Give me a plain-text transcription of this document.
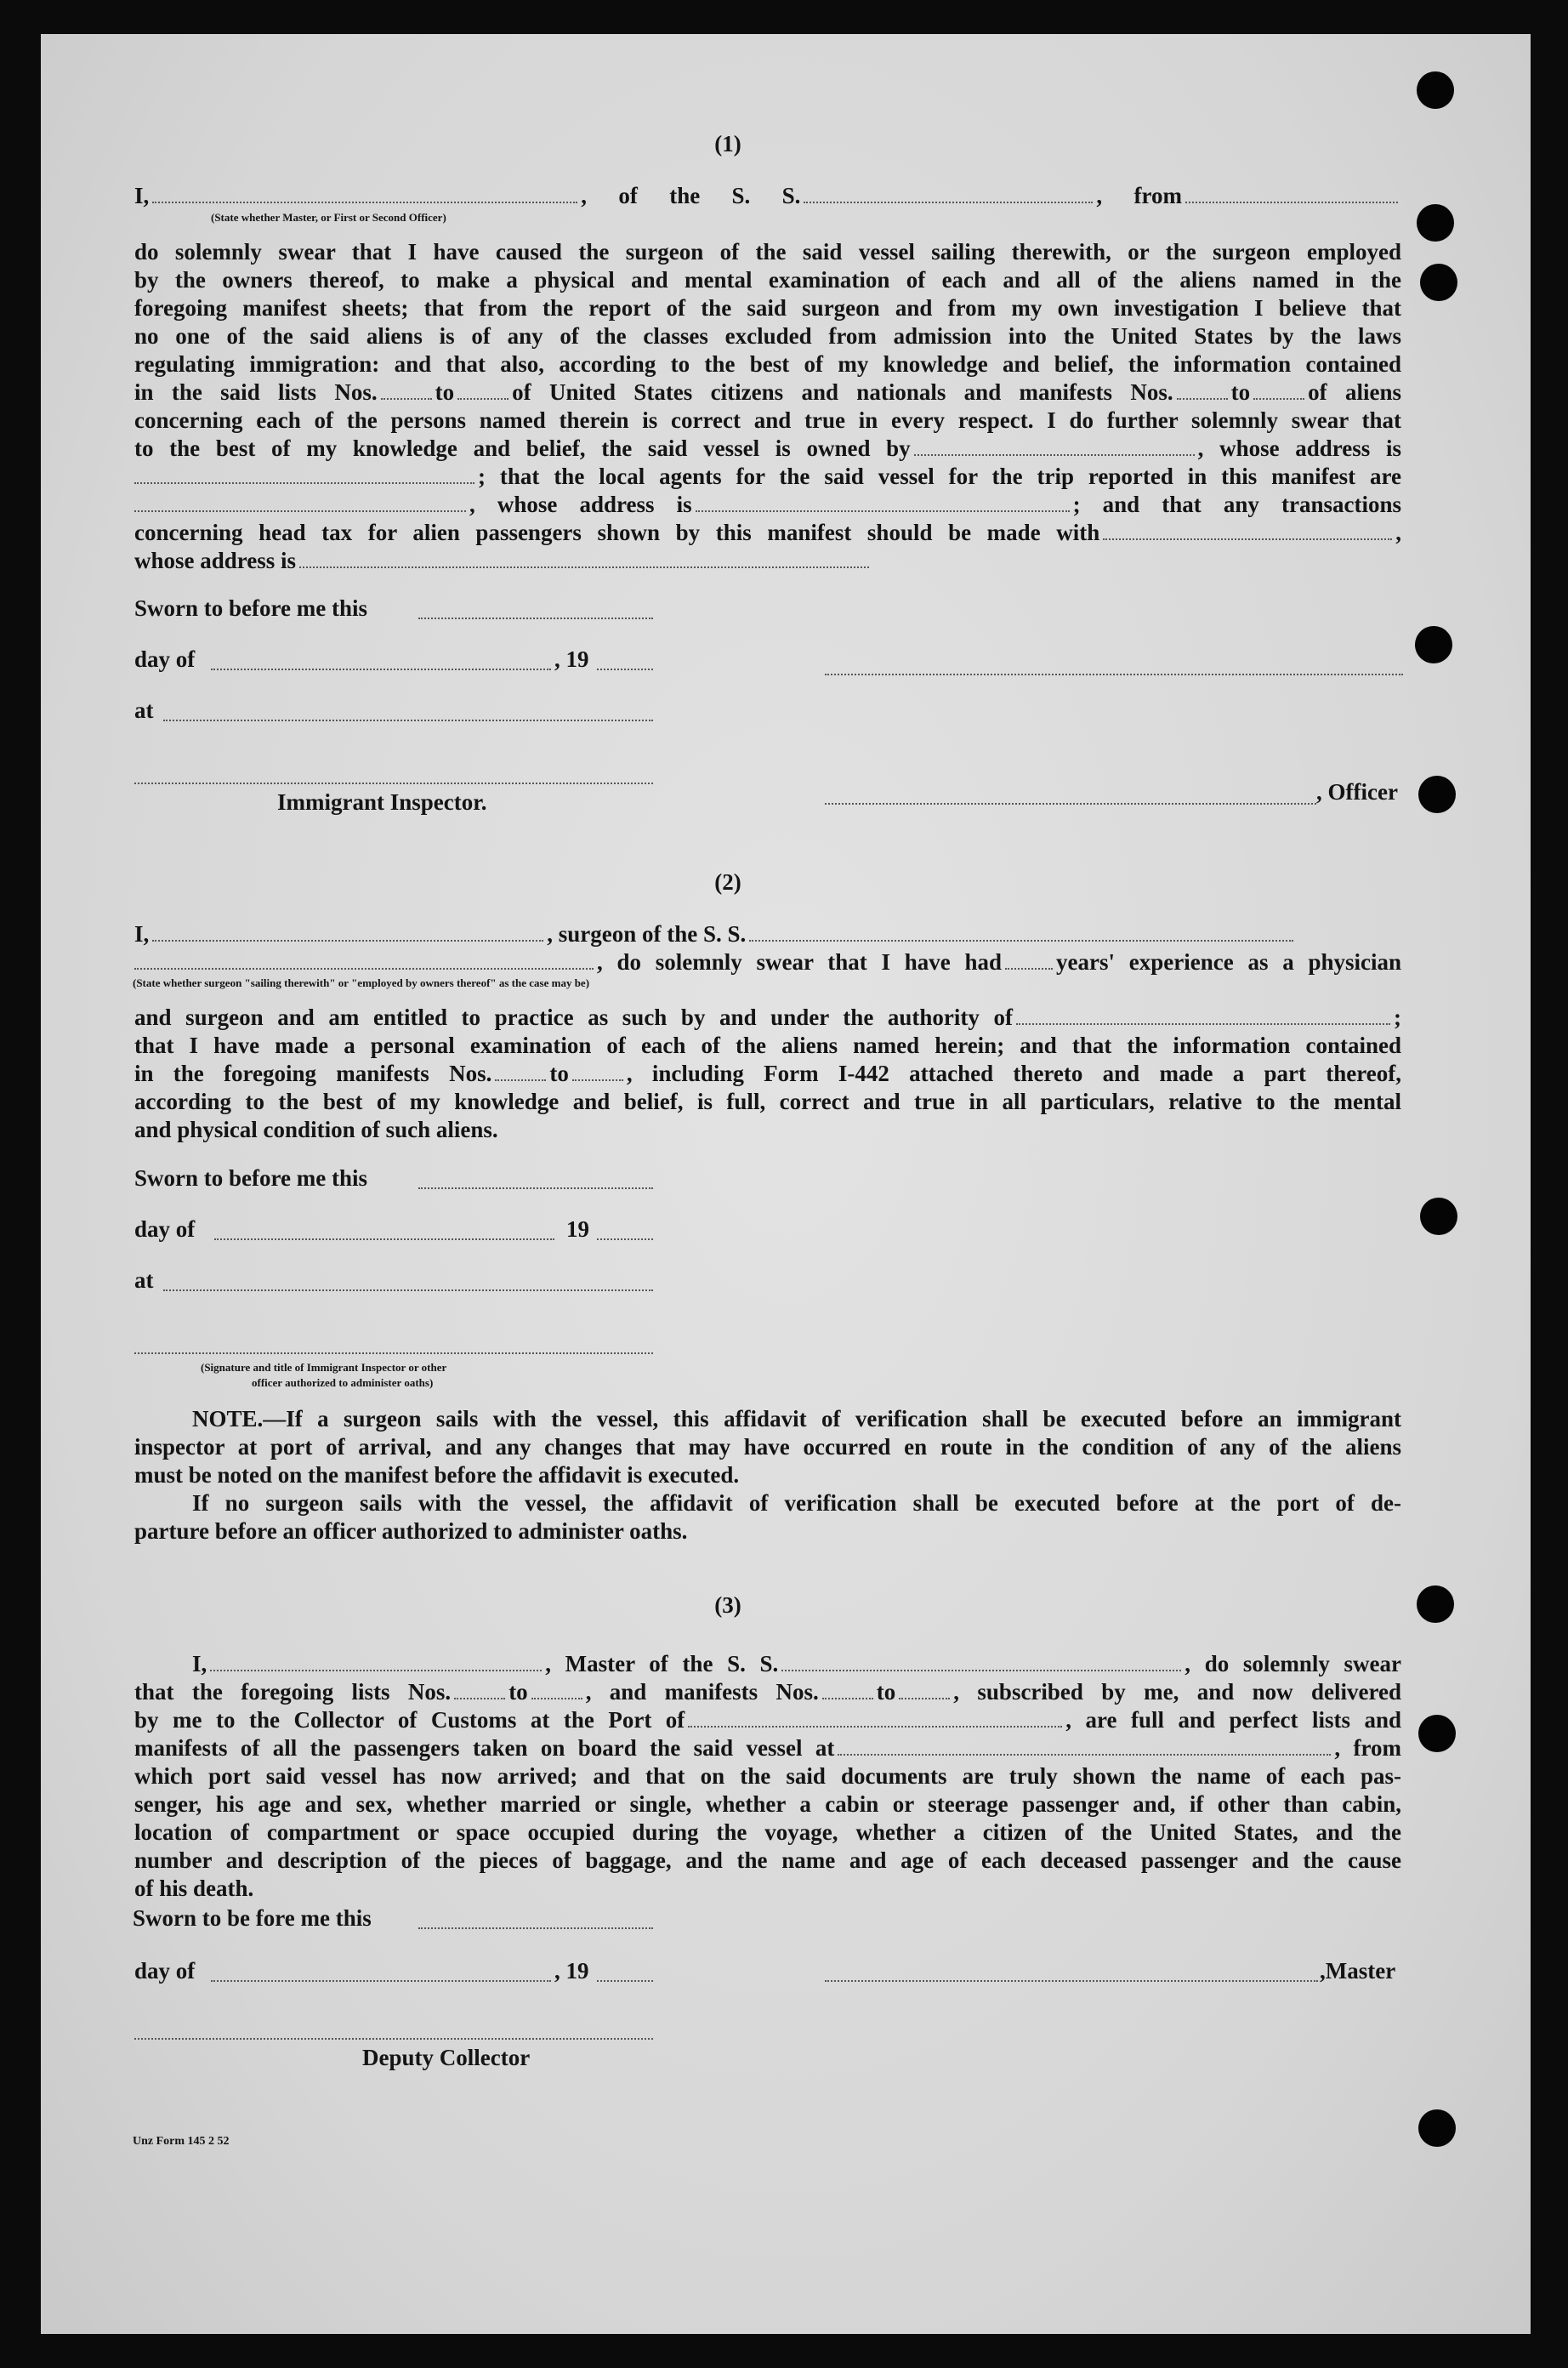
(1)
I,	, of the S. S.	, from
(State whether Master, or First or Second Officer)
do solemnly swear that I have caused the surgeon of the said vessel sailing therewith, or the surgeon employed
by the owners thereof, to make a physical and mental examination of each and all of the aliens named in the
foregoing manifest sheets; that from the report of the said surgeon and from my own investigation I believe that
no one of the said aliens is of any of the classes excluded from admission into the United States by the laws
regulating immigration: and that also, according to the best of my knowledge and belief, the information contained
in the said lists Nos.	to	of United States citizens and nationals and manifests Nos.	to	of aliens
concerning each of the persons named therein is correct and true in every respect. I do further solemnly swear that
to the best of my knowledge and belief, the said vessel is owned by	, whose address is
; that the local agents for the said vessel for the trip reported in this manifest are
, whose address is	; and that any transactions
concerning head tax for alien passengers shown by this manifest should be made with	,
whose address is
Sworn to before me this
day of	, 19
at
, Officer
Immigrant Inspector.
(2)
I,	, surgeon of the S. S.
, do solemnly swear that I have had years' experience as a physician
(State whether surgeon "sailing therewith" or "employed by owners thereof" as the case may be)
and surgeon and am entitled to practice as such by and under the authority of	;
that I have made a personal examination of each of the aliens named herein; and that the information contained
in the foregoing manifests Nos.	to	, including Form I-442 attached thereto and made a part thereof,
according to the best of my knowledge and belief, is full, correct and true in all particulars, relative to the mental
and physical condition of such aliens.
Sworn to before me this
day of	19
at
(Signature and title of Immigrant Inspector or other
officer authorized to administer oaths)
NOTE.—If a surgeon sails with the vessel, this affidavit of verification shall be executed before an immigrant
inspector at port of arrival, and any changes that may have occurred en route in the condition of any of the aliens
must be noted on the manifest before the affidavit is executed.
If no surgeon sails with the vessel, the affidavit of verification shall be executed before at the port of de-
parture before an officer authorized to administer oaths.
(3)
I,	, Master of the S. S.	, do solemnly swear
that the foregoing lists Nos.	to	, and manifests Nos.	to	, subscribed by me, and now delivered
by me to the Collector of Customs at the Port of	, are full and perfect lists and
manifests of all the passengers taken on board the said vessel at	, from
which port said vessel has now arrived; and that on the said documents are truly shown the name of each pas-
senger, his age and sex, whether married or single, whether a cabin or steerage passenger and, if other than cabin,
location of compartment or space occupied during the voyage, whether a citizen of the United States, and the
number and description of the pieces of baggage, and the name and age of each deceased passenger and the cause
of his death.
Sworn to be fore me this
day of	, 19	,Master
Deputy Collector
Unz Form 145 2 52
